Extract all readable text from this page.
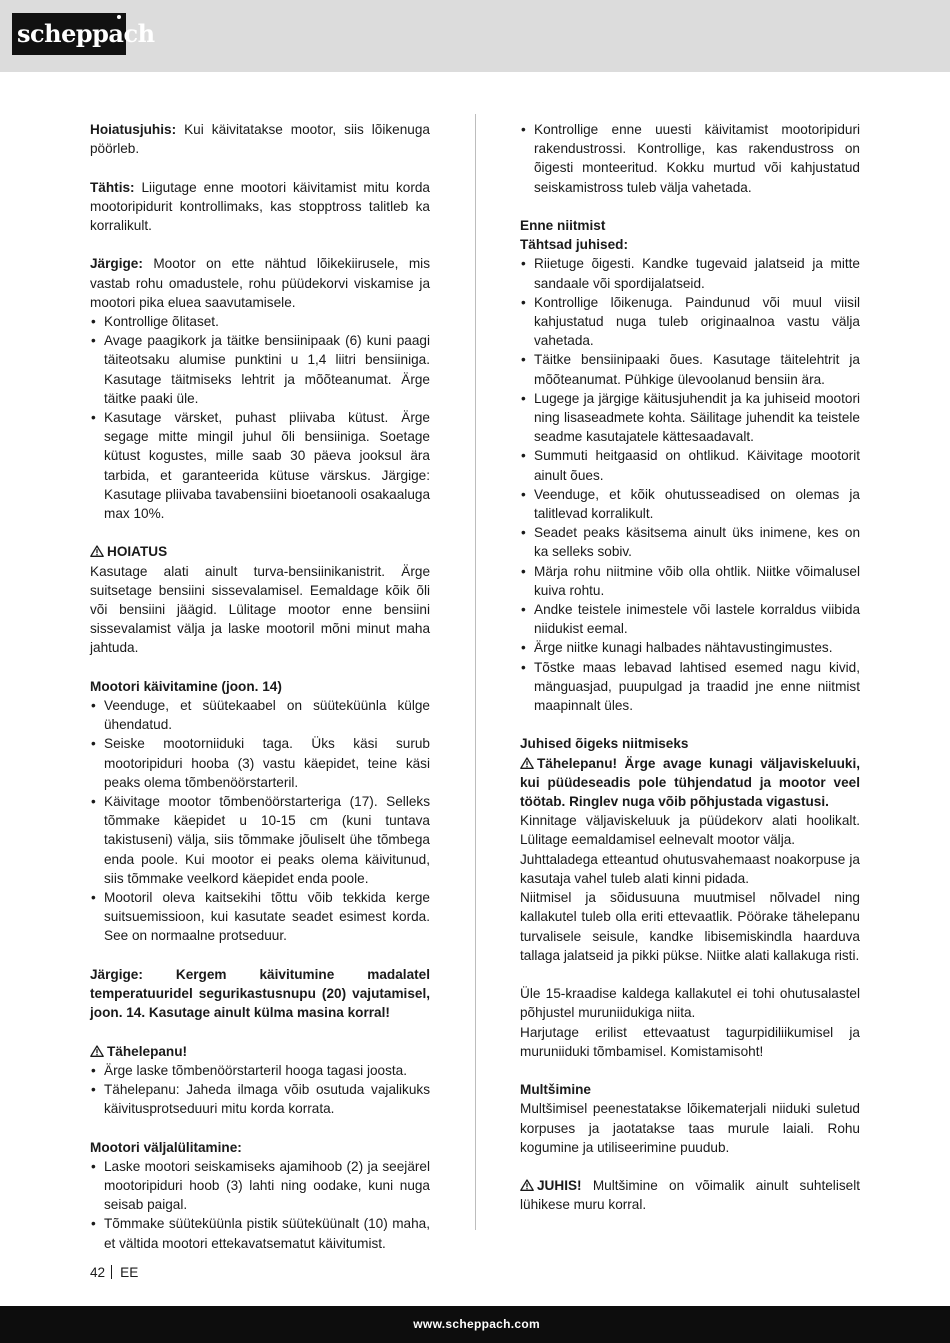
scheppach

Hoiatusjuhis: Kui käivitatakse mootor, siis lõikenuga pöörleb.

Tähtis: Liigutage enne mootori käivitamist mitu korda mootoripidurit kontrollimaks, kas stopptross talitleb ka korralikult.

Järgige: Mootor on ette nähtud lõikekiirusele, mis vastab rohu omadustele, rohu püüdekorvi viskamise ja mootori pika eluea saavutamisele.

• Kontrollige õlitaset.
• Avage paagikork ja täitke bensiinipaak (6) kuni paagi täiteotsaku alumise punktini u 1,4 liitri bensiiniga. Kasutage täitmiseks lehtrit ja mõõteanumat. Ärge täitke paaki üle.
• Kasutage värsket, puhast pliivaba kütust. Ärge segage mitte mingil juhul õli bensiiniga. Soetage kütust kogustes, mille saab 30 päeva jooksul ära tarbida, et garanteerida kütuse värskus. Järgige: Kasutage pliivaba tavabensiini bioetanooli osakaaluga max 10%.

HOIATUS

Kasutage alati ainult turva-bensiinikanistrit. Ärge suitsetage bensiini sissevalamisel. Eemaldage kõik õli või bensiini jäägid. Lülitage mootor enne bensiini sissevalamist välja ja laske mootoril mõni minut maha jahtuda.

Mootori käivitamine (joon. 14)

• Veenduge, et süütekaabel on süüteküünla külge ühendatud.
• Seiske mootorniiduki taga. Üks käsi surub mootoripiduri hooba (3) vastu käepidet, teine käsi peaks olema tõmbenöörstarteril.
• Käivitage mootor tõmbenöörstarteriga (17). Selleks tõmmake käepidet u 10-15 cm (kuni tuntava takistuseni) välja, siis tõmmake jõuliselt ühe tõmbega enda poole. Kui mootor ei peaks olema käivitunud, siis tõmmake veelkord käepidet enda poole.
• Mootoril oleva kaitsekihi tõttu võib tekkida kerge suitsuemissioon, kui kasutate seadet esimest korda. See on normaalne protseduur.

Järgige: Kergem käivitumine madalatel temperatuuridel segurikastusnupu (20) vajutamisel, joon. 14. Kasutage ainult külma masina korral!

Tähelepanu!

• Ärge laske tõmbenöörstarteril hooga tagasi joosta.
• Tähelepanu: Jaheda ilmaga võib osutuda vajalikuks käivitusprotseduuri mitu korda korrata.

Mootori väljalülitamine:

• Laske mootori seiskamiseks ajamihoob (2) ja seejärel mootoripiduri hoob (3) lahti ning oodake, kuni nuga seisab paigal.
• Tõmmake süüteküünla pistik süüteküünalt (10) maha, et vältida mootori ettekavatsematut käivitumist.
• Kontrollige enne uuesti käivitamist mootoripiduri rakendustrossi. Kontrollige, kas rakendustross on õigesti monteeritud. Kokku murtud või kahjustatud seiskamistross tuleb välja vahetada.

Enne niitmist

Tähtsad juhised:

• Riietuge õigesti. Kandke tugevaid jalatseid ja mitte sandaale või spordijalatseid.
• Kontrollige lõikenuga. Paindunud või muul viisil kahjustatud nuga tuleb originaalnoa vastu välja vahetada.
• Täitke bensiinipaaki õues. Kasutage täitelehtrit ja mõõteanumat. Pühkige ülevoolanud bensiin ära.
• Lugege ja järgige käitusjuhendit ja ka juhiseid mootori ning lisaseadmete kohta. Säilitage juhendit ka teistele seadme kasutajatele kättesaadavalt.
• Summuti heitgaasid on ohtlikud. Käivitage mootorit ainult õues.
• Veenduge, et kõik ohutusseadised on olemas ja talitlevad korralikult.
• Seadet peaks käsitsema ainult üks inimene, kes on ka selleks sobiv.
• Märja rohu niitmine võib olla ohtlik. Niitke võimalusel kuiva rohtu.
• Andke teistele inimestele või lastele korraldus viibida niidukist eemal.
• Ärge niitke kunagi halbades nähtavustingimustes.
• Tõstke maas lebavad lahtised esemed nagu kivid, mänguasjad, puupulgad ja traadid jne enne niitmist maapinnalt üles.

Juhised õigeks niitmiseks

Tähelepanu! Ärge avage kunagi väljaviskeluuki, kui püüdeseadis pole tühjendatud ja mootor veel töötab. Ringlev nuga võib põhjustada vigastusi.

Kinnitage väljaviskeluuk ja püüdekorv alati hoolikalt. Lülitage eemaldamisel eelnevalt mootor välja.

Juhttaladega etteantud ohutusvahemaast noakorpuse ja kasutaja vahel tuleb alati kinni pidada.

Niitmisel ja sõidusuuna muutmisel nõlvadel ning kallakutel tuleb olla eriti ettevaatlik. Pöörake tähelepanu turvalisele seisule, kandke libisemiskindla haarduva tallaga jalatseid ja pikki pükse. Niitke alati kallakuga risti.

Üle 15-kraadise kaldega kallakutel ei tohi ohutusalastel põhjustel muruniidukiga niita.

Harjutage erilist ettevaatust tagurpidiliikumisel ja muruniiduki tõmbamisel. Komistamisoht!

Multšimine

Multšimisel peenestatakse lõikematerjali niiduki suletud korpuses ja jaotatakse taas murule laiali. Rohu kogumine ja utiliseerimine puudub.

JUHIS! Multšimine on võimalik ainult suhteliselt lühikese muru korral.

42 EE
www.scheppach.com
